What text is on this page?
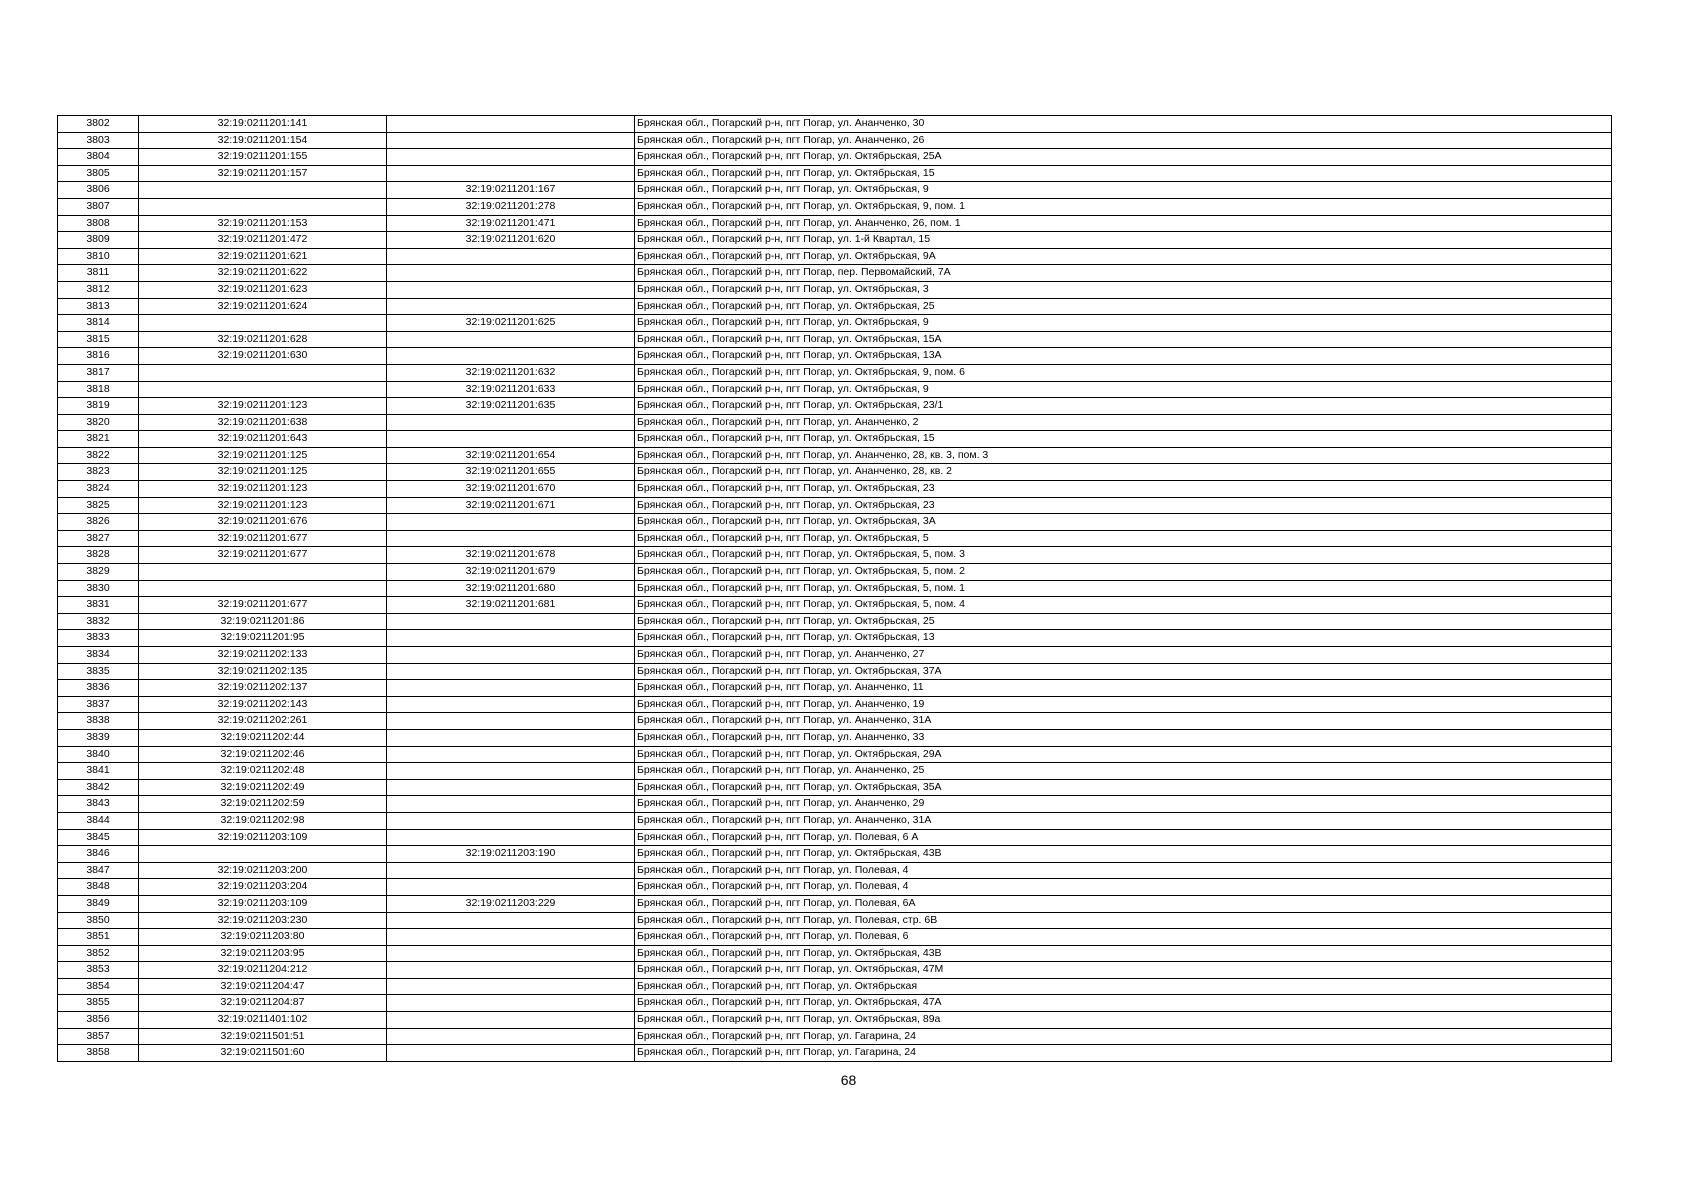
3802	32:19:0211201:141		Брянская обл., Погарский р-н, пгт Погар, ул. Ананченко, 30
3803	32:19:0211201:154		Брянская обл., Погарский р-н, пгт Погар, ул. Ананченко, 26
3804	32:19:0211201:155		Брянская обл., Погарский р-н, пгт Погар, ул. Октябрьская, 25А
3805	32:19:0211201:157		Брянская обл., Погарский р-н, пгт Погар, ул. Октябрьская, 15
3806		32:19:0211201:167	Брянская обл., Погарский р-н, пгт Погар, ул. Октябрьская, 9
3807		32:19:0211201:278	Брянская обл., Погарский р-н, пгт Погар, ул. Октябрьская, 9, пом. 1
3808	32:19:0211201:153	32:19:0211201:471	Брянская обл., Погарский р-н, пгт Погар, ул. Ананченко, 26, пом. 1
3809	32:19:0211201:472	32:19:0211201:620	Брянская обл., Погарский р-н, пгт Погар, ул. 1-й Квартал, 15
3810	32:19:0211201:621		Брянская обл., Погарский р-н, пгт Погар, ул. Октябрьская, 9А
3811	32:19:0211201:622		Брянская обл., Погарский р-н, пгт Погар, пер. Первомайский, 7А
3812	32:19:0211201:623		Брянская обл., Погарский р-н, пгт Погар, ул. Октябрьская, 3
3813	32:19:0211201:624		Брянская обл., Погарский р-н, пгт Погар, ул. Октябрьская, 25
3814		32:19:0211201:625	Брянская обл., Погарский р-н, пгт Погар, ул. Октябрьская, 9
3815	32:19:0211201:628		Брянская обл., Погарский р-н, пгт Погар, ул. Октябрьская, 15А
3816	32:19:0211201:630		Брянская обл., Погарский р-н, пгт Погар, ул. Октябрьская, 13А
3817		32:19:0211201:632	Брянская обл., Погарский р-н, пгт Погар, ул. Октябрьская, 9, пом. 6
3818		32:19:0211201:633	Брянская обл., Погарский р-н, пгт Погар, ул. Октябрьская, 9
3819	32:19:0211201:123	32:19:0211201:635	Брянская обл., Погарский р-н, пгт Погар, ул. Октябрьская, 23/1
3820	32:19:0211201:638		Брянская обл., Погарский р-н, пгт Погар, ул. Ананченко, 2
3821	32:19:0211201:643		Брянская обл., Погарский р-н, пгт Погар, ул. Октябрьская, 15
3822	32:19:0211201:125	32:19:0211201:654	Брянская обл., Погарский р-н, пгт Погар, ул. Ананченко, 28, кв. 3, пом. 3
3823	32:19:0211201:125	32:19:0211201:655	Брянская обл., Погарский р-н, пгт Погар, ул. Ананченко, 28, кв. 2
3824	32:19:0211201:123	32:19:0211201:670	Брянская обл., Погарский р-н, пгт Погар, ул. Октябрьская, 23
3825	32:19:0211201:123	32:19:0211201:671	Брянская обл., Погарский р-н, пгт Погар, ул. Октябрьская, 23
3826	32:19:0211201:676		Брянская обл., Погарский р-н, пгт Погар, ул. Октябрьская, 3А
3827	32:19:0211201:677		Брянская обл., Погарский р-н, пгт Погар, ул. Октябрьская, 5
3828	32:19:0211201:677	32:19:0211201:678	Брянская обл., Погарский р-н, пгт Погар, ул. Октябрьская, 5, пом. 3
3829		32:19:0211201:679	Брянская обл., Погарский р-н, пгт Погар, ул. Октябрьская, 5, пом. 2
3830		32:19:0211201:680	Брянская обл., Погарский р-н, пгт Погар, ул. Октябрьская, 5, пом. 1
3831	32:19:0211201:677	32:19:0211201:681	Брянская обл., Погарский р-н, пгт Погар, ул. Октябрьская, 5, пом. 4
3832	32:19:0211201:86		Брянская обл., Погарский р-н, пгт Погар, ул. Октябрьская, 25
3833	32:19:0211201:95		Брянская обл., Погарский р-н, пгт Погар, ул. Октябрьская, 13
3834	32:19:0211202:133		Брянская обл., Погарский р-н, пгт Погар, ул. Ананченко, 27
3835	32:19:0211202:135		Брянская обл., Погарский р-н, пгт Погар, ул. Октябрьская, 37А
3836	32:19:0211202:137		Брянская обл., Погарский р-н, пгт Погар, ул. Ананченко, 11
3837	32:19:0211202:143		Брянская обл., Погарский р-н, пгт Погар, ул. Ананченко, 19
3838	32:19:0211202:261		Брянская обл., Погарский р-н, пгт Погар, ул. Ананченко, 31А
3839	32:19:0211202:44		Брянская обл., Погарский р-н, пгт Погар, ул. Ананченко, 33
3840	32:19:0211202:46		Брянская обл., Погарский р-н, пгт Погар, ул. Октябрьская, 29А
3841	32:19:0211202:48		Брянская обл., Погарский р-н, пгт Погар, ул. Ананченко, 25
3842	32:19:0211202:49		Брянская обл., Погарский р-н, пгт Погар, ул. Октябрьская, 35А
3843	32:19:0211202:59		Брянская обл., Погарский р-н, пгт Погар, ул. Ананченко, 29
3844	32:19:0211202:98		Брянская обл., Погарский р-н, пгт Погар, ул. Ананченко, 31А
3845	32:19:0211203:109		Брянская обл., Погарский р-н, пгт Погар, ул. Полевая, 6 А
3846		32:19:0211203:190	Брянская обл., Погарский р-н, пгт Погар, ул. Октябрьская, 43В
3847	32:19:0211203:200		Брянская обл., Погарский р-н, пгт Погар, ул. Полевая, 4
3848	32:19:0211203:204		Брянская обл., Погарский р-н, пгт Погар, ул. Полевая, 4
3849	32:19:0211203:109	32:19:0211203:229	Брянская обл., Погарский р-н, пгт Погар, ул. Полевая, 6А
3850	32:19:0211203:230		Брянская обл., Погарский р-н, пгт Погар, ул. Полевая, стр. 6В
3851	32:19:0211203:80		Брянская обл., Погарский р-н, пгт Погар, ул. Полевая, 6
3852	32:19:0211203:95		Брянская обл., Погарский р-н, пгт Погар, ул. Октябрьская, 43В
3853	32:19:0211204:212		Брянская обл., Погарский р-н, пгт Погар, ул. Октябрьская, 47М
3854	32:19:0211204:47		Брянская обл., Погарский р-н, пгт Погар, ул. Октябрьская
3855	32:19:0211204:87		Брянская обл., Погарский р-н, пгт Погар, ул. Октябрьская, 47А
3856	32:19:0211401:102		Брянская обл., Погарский р-н, пгт Погар, ул. Октябрьская, 89а
3857	32:19:0211501:51		Брянская обл., Погарский р-н, пгт Погар, ул. Гагарина, 24
3858	32:19:0211501:60		Брянская обл., Погарский р-н, пгт Погар, ул. Гагарина, 24
68
